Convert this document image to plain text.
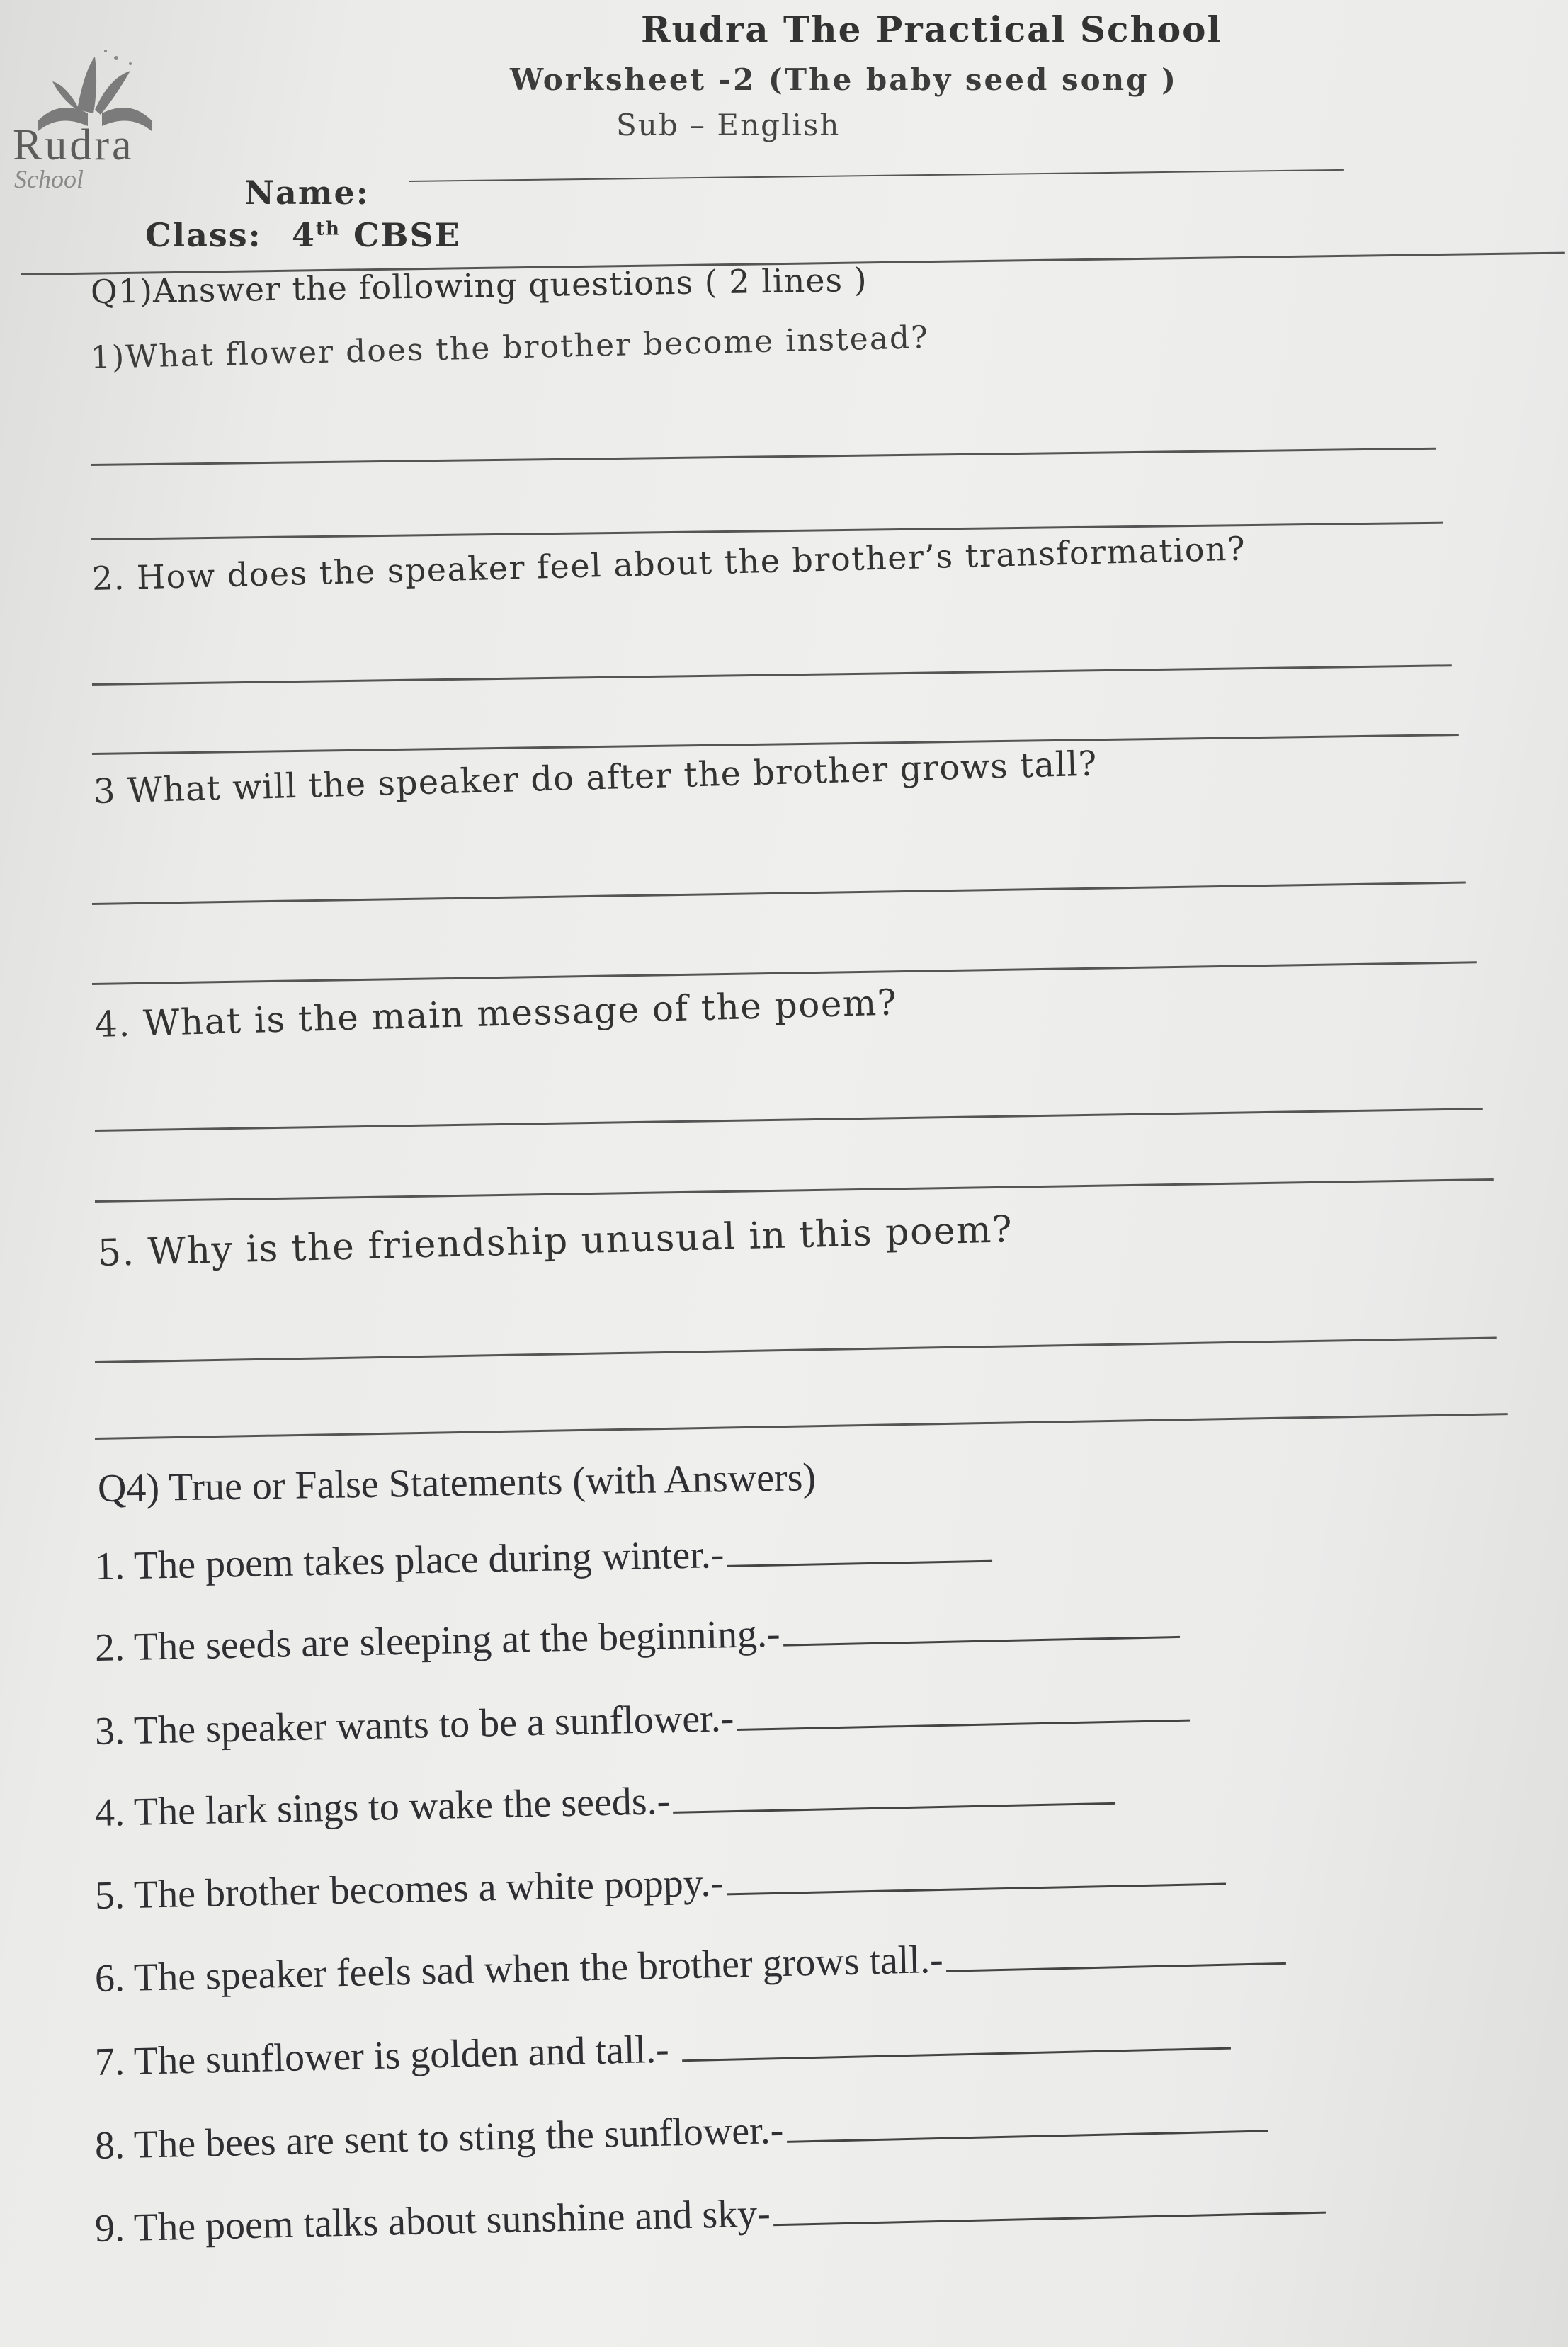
Rudra
School
Rudra The Practical School
Worksheet -2 (The baby seed song )
Sub – English
Name:
Class: 4th CBSE
Q1)Answer the following questions ( 2 lines )
1)What flower does the brother become instead?
2. How does the speaker feel about the brother’s transformation?
3 What will the speaker do after the brother grows tall?
4. What is the main message of the poem?
5. Why is the friendship unusual in this poem?
Q4) True or False Statements (with Answers)
1. The poem takes place during winter.-
2. The seeds are sleeping at the beginning.-
3. The speaker wants to be a sunflower.-
4. The lark sings to wake the seeds.-
5. The brother becomes a white poppy.-
6. The speaker feels sad when the brother grows tall.-
7. The sunflower is golden and tall.-
8. The bees are sent to sting the sunflower.-
9. The poem talks about sunshine and sky-
